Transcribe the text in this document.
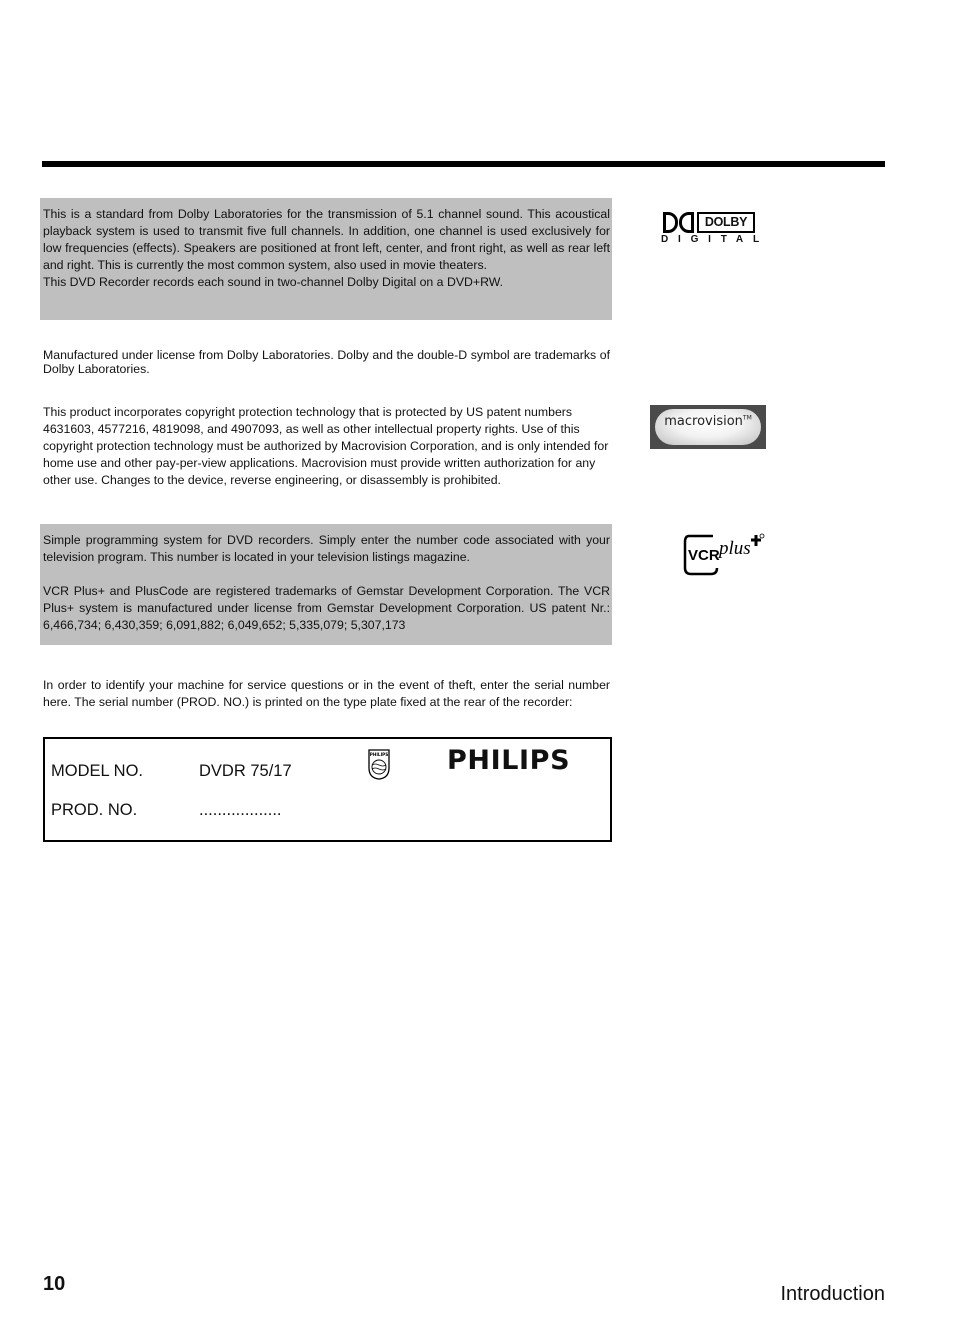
This is a standard from Dolby Laboratories for the transmission of 5.1 channel sound. This acoustical playback system is used to transmit five full channels. In addition, one channel is used exclusively for low frequencies (effects). Speakers are positioned at front left, center, and front right, as well as rear left and right. This is currently the most common system, also used in movie theaters.

This DVD Recorder records each sound in two-channel Dolby Digital on a DVD+RW.

DOLBY
DIGITAL

Manufactured under license from Dolby Laboratories. Dolby and the double-D symbol are trademarks of Dolby Laboratories.

This product incorporates copyright protection technology that is protected by US patent numbers 4631603, 4577216, 4819098, and 4907093, as well as other intellectual property rights. Use of this copyright protection technology must be authorized by Macrovision Corporation, and is only intended for home use and other pay-per-view applications. Macrovision must provide written authorization for any other use. Changes to the device, reverse engineering, or disassembly is prohibited.

macrovision™

Simple programming system for DVD recorders. Simply enter the number code associated with your television program. This number is located in your television listings magazine.

VCR Plus+ and PlusCode are registered trademarks of Gemstar Development Corporation. The VCR Plus+ system is manufactured under license from Gemstar Development Corporation. US patent Nr.: 6,466,734; 6,430,359; 6,091,882; 6,049,652; 5,335,079; 5,307,173

VCR plus

In order to identify your machine for service questions or in the event of theft, enter the serial number here. The serial number (PROD. NO.) is printed on the type plate fixed at the rear of the recorder:

MODEL NO.	DVDR 75/17
PROD. NO.	..................
PHILIPS PHILIPS
10	Introduction
